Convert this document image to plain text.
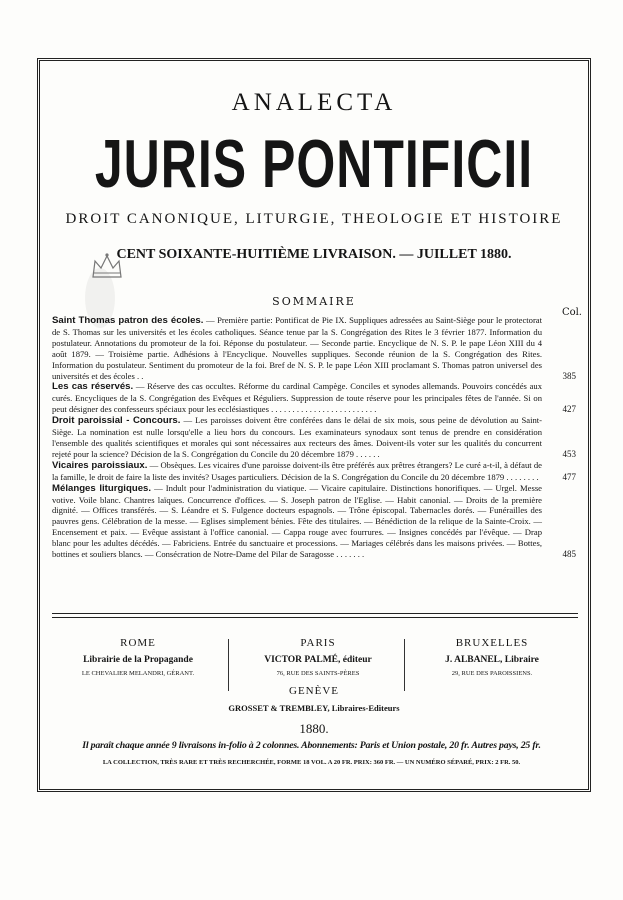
ANALECTA
JURIS PONTIFICII
DROIT CANONIQUE, LITURGIE, THEOLOGIE ET HISTOIRE
CENT SOIXANTE-HUITIÈME LIVRAISON. — JUILLET 1880.
SOMMAIRE
Col.
Saint Thomas patron des écoles. — Première partie: Pontificat de Pie IX. Suppliques adressées au Saint-Siège pour le protectorat de S. Thomas sur les universités et les écoles catholiques. Séance tenue par la S. Congrégation des Rites le 3 février 1877. Information du postulateur. Annotations du promoteur de la foi. Réponse du postulateur. — Seconde partie. Encyclique de N. S. P. le pape Léon XIII du 4 août 1879. — Troisième partie. Adhésions à l'Encyclique. Nouvelles suppliques. Seconde réunion de la S. Congrégation des Rites. Information du postulateur. Sentiment du promoteur de la foi. Bref de N. S. P. le pape Léon XIII proclamant S. Thomas patron universel des universités et des écoles . .	385
Les cas réservés. — Réserve des cas occultes. Réforme du cardinal Campège. Conciles et synodes allemands. Pouvoirs concédés aux curés. Encycliques de la S. Congrégation des Evêques et Réguliers. Suppression de toute réserve pour les principales fêtes de l'année. Si on peut désigner des confesseurs spéciaux pour les ecclésiastiques . . . . . . . . . . . . . . . . . . . . . . . . .	427
Droit paroissial - Concours. — Les paroisses doivent être conférées dans le délai de six mois, sous peine de dévolution au Saint-Siège. La nomination est nulle lorsqu'elle a lieu hors du concours. Les examinateurs synodaux sont tenus de prendre en considération l'ensemble des qualités scientifiques et morales qui sont nécessaires aux recteurs des âmes. Doivent-ils voter sur les qualités du concurrent rejeté pour la science? Décision de la S. Congrégation du Concile du 20 décembre 1879 . . . . . .	453
Vicaires paroissiaux. — Obsèques. Les vicaires d'une paroisse doivent-ils être préférés aux prêtres étrangers? Le curé a-t-il, à défaut de la famille, le droit de faire la liste des invités? Usages particuliers. Décision de la S. Congrégation du Concile du 20 décembre 1879 . . . . . . . .	477
Mélanges liturgiques. — Indult pour l'administration du viatique. — Vicaire capitulaire. Distinctions honorifiques. — Urgel. Messe votive. Voile blanc. Chantres laïques. Concurrence d'offices. — S. Joseph patron de l'Eglise. — Habit canonial. — Droits de la première dignité. — Offices transférés. — S. Léandre et S. Fulgence docteurs espagnols. — Trône épiscopal. Tabernacles dorés. — Funérailles des pauvres gens. Célébration de la messe. — Eglises simplement bénies. Fête des titulaires. — Bénédiction de la relique de la Sainte-Croix. — Encensement et paix. — Evêque assistant à l'office canonial. — Cappa rouge avec fourrures. — Insignes concédés par l'évêque. — Drap blanc pour les adultes décédés. — Fabriciens. Entrée du sanctuaire et processions. — Mariages célébrés dans les maisons privées. — Bottes, bottines et souliers blancs. — Consécration de Notre-Dame del Pilar de Saragosse . . . . . . .	485
ROME
Librairie de la Propagande
LE CHEVALIER MELANDRI, GÉRANT.
PARIS
VICTOR PALMÉ, éditeur
76, RUE DES SAINTS-PÈRES
BRUXELLES
J. ALBANEL, Libraire
29, RUE DES PAROISSIENS.
GENÈVE
GROSSET & TREMBLEY, Libraires-Editeurs
1880.
Il paraît chaque année 9 livraisons in-folio à 2 colonnes. Abonnements: Paris et Union postale, 20 fr. Autres pays, 25 fr.
LA COLLECTION, TRÈS RARE ET TRÈS RECHERCHÉE, FORME 18 VOL. A 20 FR. PRIX: 360 FR. — UN NUMÉRO SÉPARÉ, PRIX: 2 FR. 50.
